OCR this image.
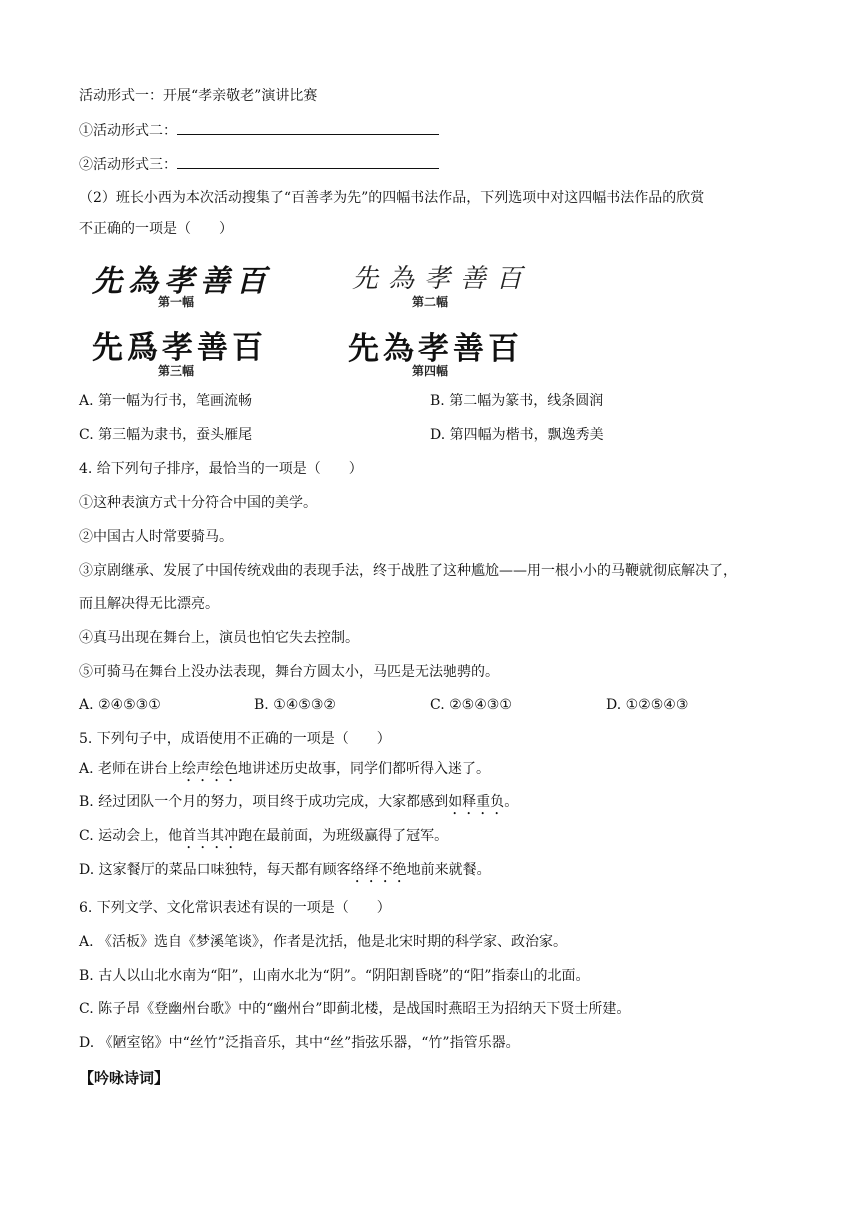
活动形式一：开展“孝亲敬老”演讲比赛
①活动形式二：
②活动形式三：
（2）班长小西为本次活动搜集了“百善孝为先”的四幅书法作品，下列选项中对这四幅书法作品的欣赏
不正确的一项是（　　）
先為孝善百
第一幅
先為孝善百
第二幅
先爲孝善百
第三幅
先為孝善百
第四幅
A. 第一幅为行书，笔画流畅	B. 第二幅为篆书，线条圆润
C. 第三幅为隶书，蚕头雁尾	D. 第四幅为楷书，飘逸秀美
4. 给下列句子排序，最恰当的一项是（　　）
①这种表演方式十分符合中国的美学。
②中国古人时常要骑马。
③京剧继承、发展了中国传统戏曲的表现手法，终于战胜了这种尴尬——用一根小小的马鞭就彻底解决了，
而且解决得无比漂亮。
④真马出现在舞台上，演员也怕它失去控制。
⑤可骑马在舞台上没办法表现，舞台方圆太小，马匹是无法驰骋的。
A. ②④⑤③①	B. ①④⑤③②	C. ②⑤④③①	D. ①②⑤④③
5. 下列句子中，成语使用不正确的一项是（　　）
A. 老师在讲台上绘声绘色地讲述历史故事，同学们都听得入迷了。
B. 经过团队一个月的努力，项目终于成功完成，大家都感到如释重负。
C. 运动会上，他首当其冲跑在最前面，为班级赢得了冠军。
D. 这家餐厅的菜品口味独特，每天都有顾客络绎不绝地前来就餐。
6. 下列文学、文化常识表述有误的一项是（　　）
A. 《活板》选自《梦溪笔谈》，作者是沈括，他是北宋时期的科学家、政治家。
B. 古人以山北水南为“阳”，山南水北为“阴”。“阴阳割昏晓”的“阳”指泰山的北面。
C. 陈子昂《登幽州台歌》中的“幽州台”即蓟北楼，是战国时燕昭王为招纳天下贤士所建。
D. 《陋室铭》中“丝竹”泛指音乐，其中“丝”指弦乐器，“竹”指管乐器。
【吟咏诗词】
